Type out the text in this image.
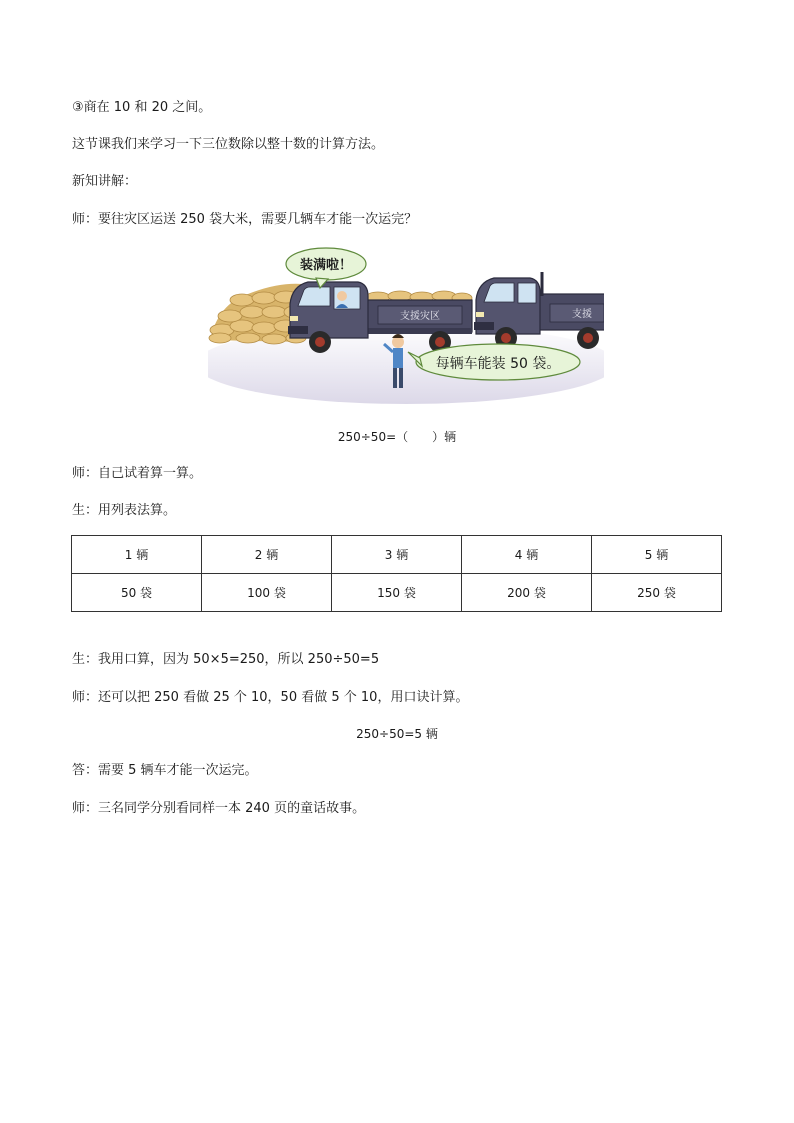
③商在 10 和 20 之间。
这节课我们来学习一下三位数除以整十数的计算方法。
新知讲解：
师：要往灾区运送 250 袋大米，需要几辆车才能一次运完？
支援灾区	支援
装满啦！
每辆车能装 50 袋。
250÷50=（　　）辆
师：自己试着算一算。
生：用列表法算。
1 辆	2 辆	3 辆	4 辆	5 辆
50 袋	100 袋	150 袋	200 袋	250 袋
生：我用口算，因为 50×5=250，所以 250÷50=5
师：还可以把 250 看做 25 个 10，50 看做 5 个 10，用口诀计算。
250÷50=5 辆
答：需要 5 辆车才能一次运完。
师：三名同学分别看同样一本 240 页的童话故事。
